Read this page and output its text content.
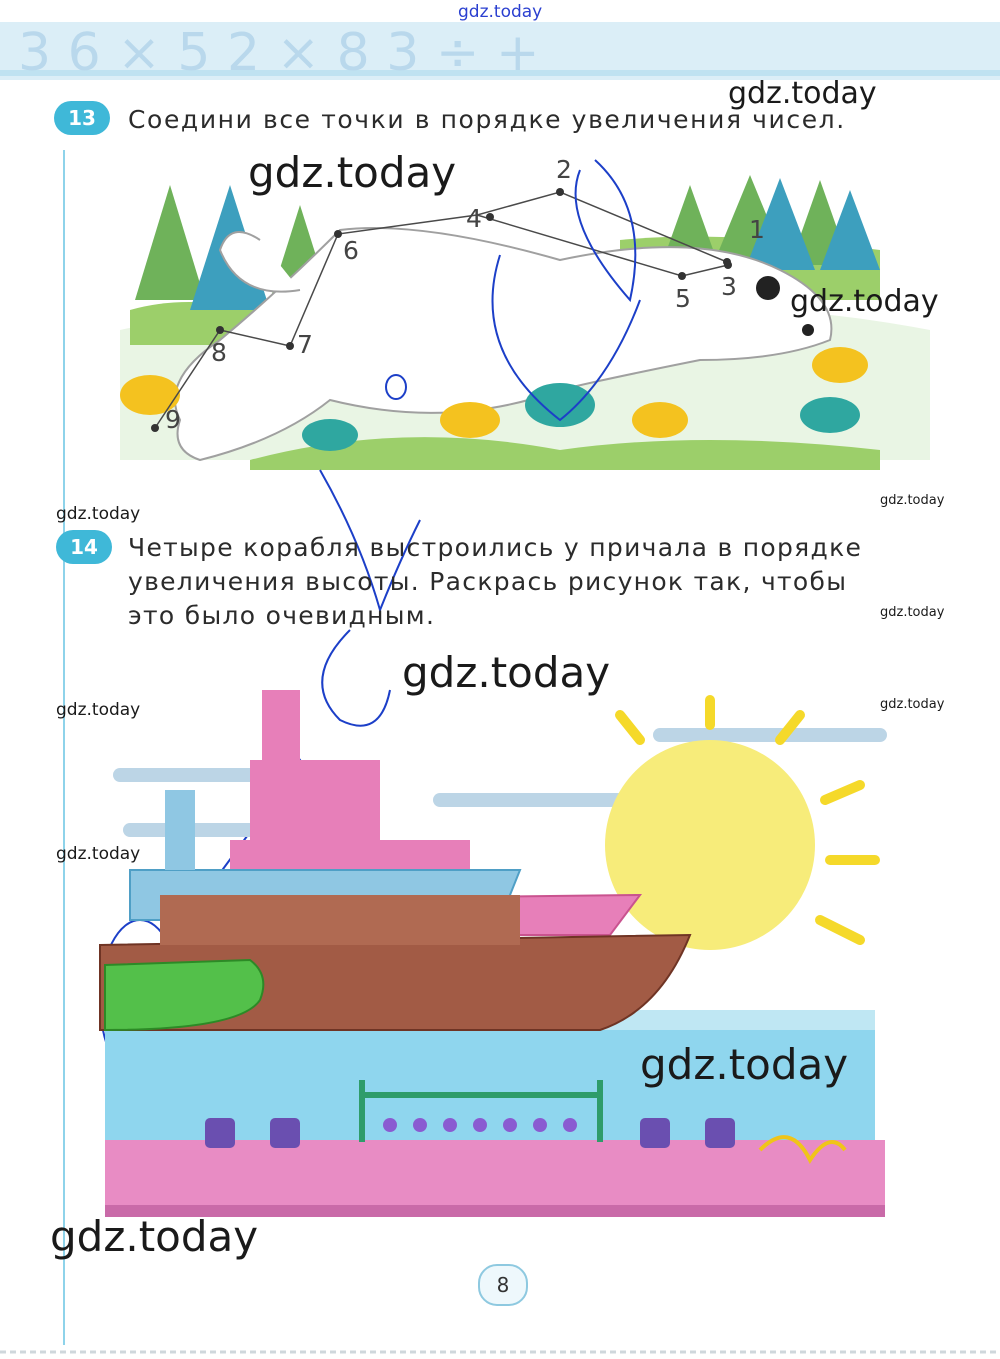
3 6 × 5 2 × 8 3 ÷ +
gdz.today
13	Соедини все точки в порядке увеличения чисел.
1
2
3
4
5
6
7
8
9
14	Четыре корабля выстроились у причала в порядке
увеличения высоты. Раскрась рисунок так, чтобы
это было очевидным.
gdz.today
gdz.today
gdz.today
gdz.today
gdz.today
gdz.today
gdz.today
gdz.today	gdz.today
gdz.today
gdz.today
gdz.today
8
